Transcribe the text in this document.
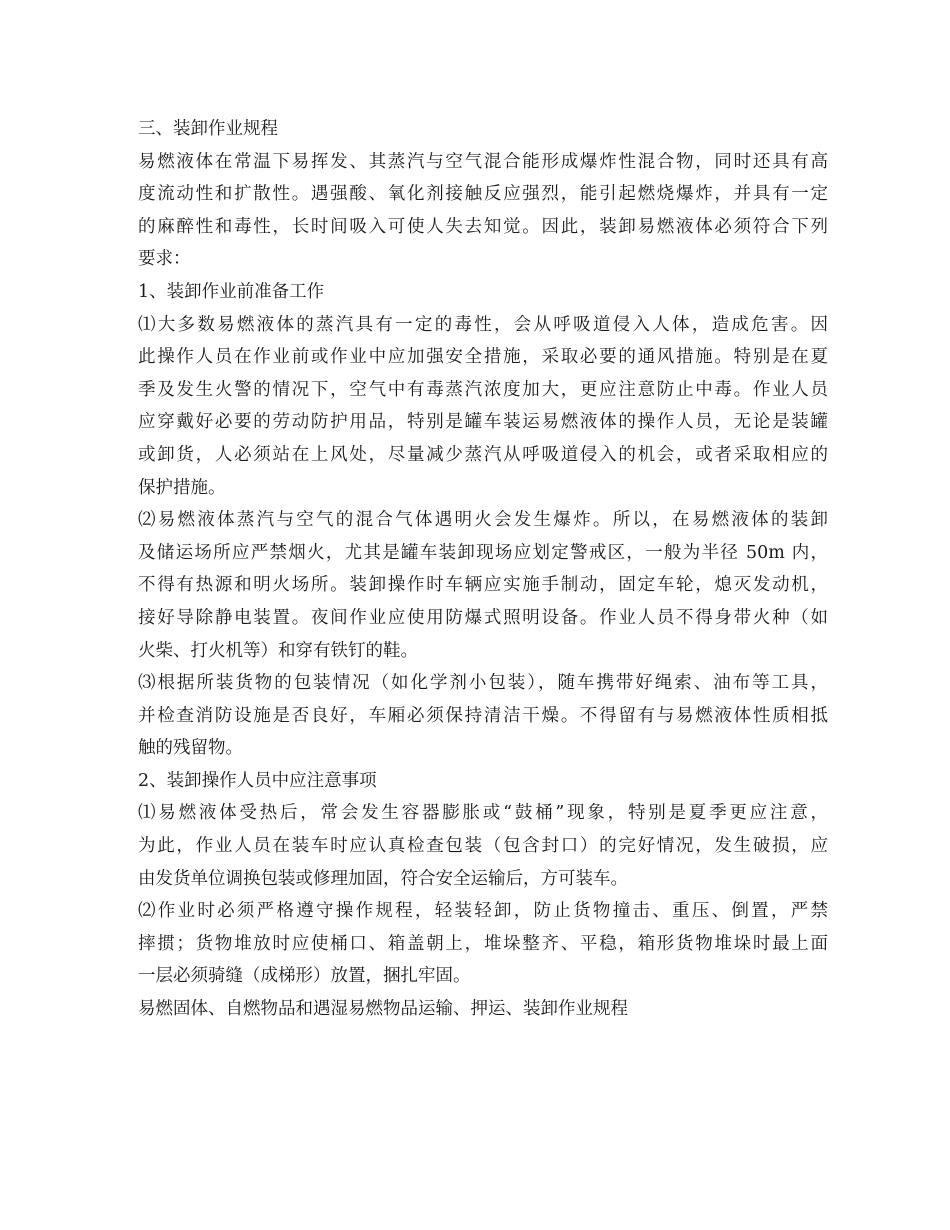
三、装卸作业规程
易燃液体在常温下易挥发、其蒸汽与空气混合能形成爆炸性混合物，同时还具有高
度流动性和扩散性。遇强酸、氧化剂接触反应强烈，能引起燃烧爆炸，并具有一定
的麻醉性和毒性，长时间吸入可使人失去知觉。因此，装卸易燃液体必须符合下列
要求：
1、装卸作业前准备工作
⑴大多数易燃液体的蒸汽具有一定的毒性，会从呼吸道侵入人体，造成危害。因
此操作人员在作业前或作业中应加强安全措施，采取必要的通风措施。特别是在夏
季及发生火警的情况下，空气中有毒蒸汽浓度加大，更应注意防止中毒。作业人员
应穿戴好必要的劳动防护用品，特别是罐车装运易燃液体的操作人员，无论是装罐
或卸货，人必须站在上风处，尽量减少蒸汽从呼吸道侵入的机会，或者采取相应的
保护措施。
⑵易燃液体蒸汽与空气的混合气体遇明火会发生爆炸。所以，在易燃液体的装卸
及储运场所应严禁烟火，尤其是罐车装卸现场应划定警戒区，一般为半径 50m 内，
不得有热源和明火场所。装卸操作时车辆应实施手制动，固定车轮，熄灭发动机，
接好导除静电装置。夜间作业应使用防爆式照明设备。作业人员不得身带火种（如
火柴、打火机等）和穿有铁钉的鞋。
⑶根据所装货物的包装情况（如化学剂小包装），随车携带好绳索、油布等工具，
并检查消防设施是否良好，车厢必须保持清洁干燥。不得留有与易燃液体性质相抵
触的残留物。
2、装卸操作人员中应注意事项
⑴易燃液体受热后，常会发生容器膨胀或“鼓桶”现象，特别是夏季更应注意，
为此，作业人员在装车时应认真检查包装（包含封口）的完好情况，发生破损，应
由发货单位调换包装或修理加固，符合安全运输后，方可装车。
⑵作业时必须严格遵守操作规程，轻装轻卸，防止货物撞击、重压、倒置，严禁
摔掼；货物堆放时应使桶口、箱盖朝上，堆垛整齐、平稳，箱形货物堆垛时最上面
一层必须骑缝（成梯形）放置，捆扎牢固。
易燃固体、自燃物品和遇湿易燃物品运输、押运、装卸作业规程
